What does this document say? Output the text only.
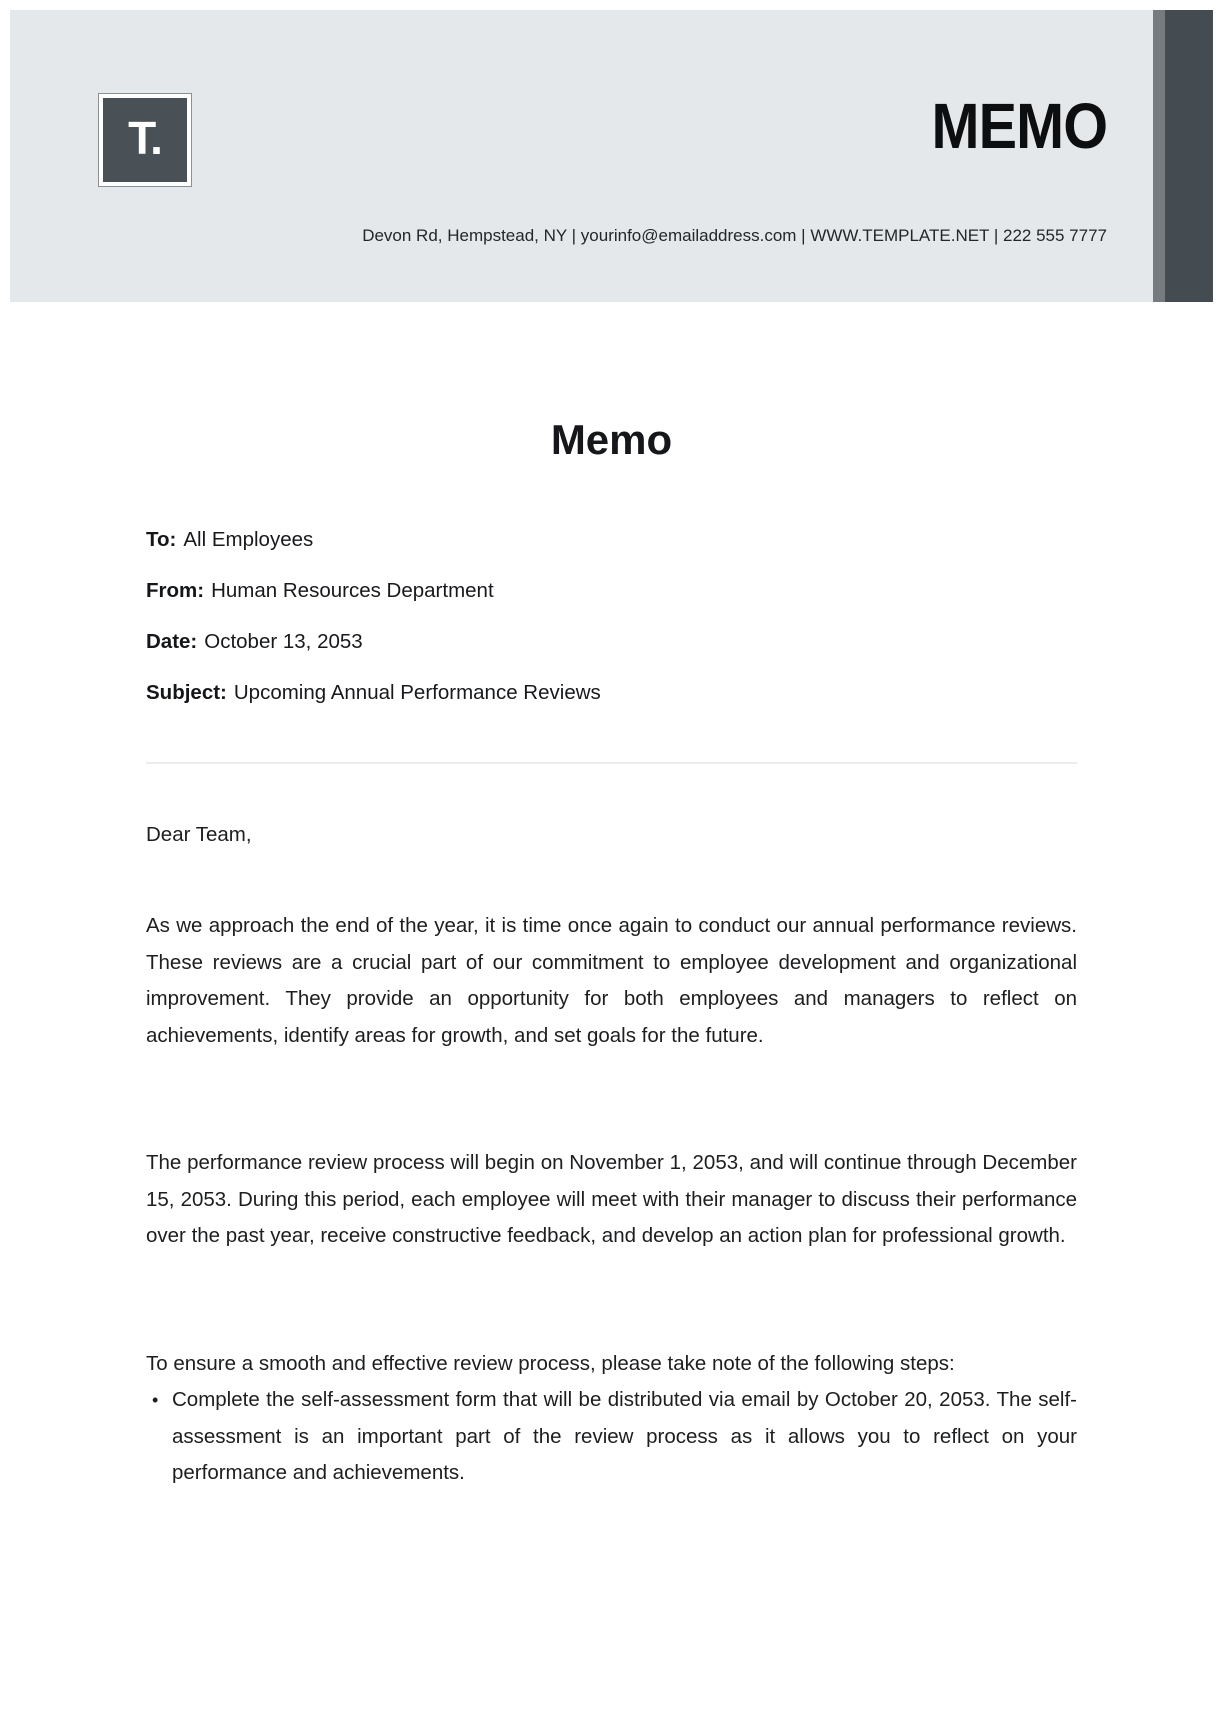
T.	MEMO
Devon Rd, Hempstead, NY | yourinfo@emailaddress.com | WWW.TEMPLATE.NET | 222 555 7777
Memo

To: All Employees

From: Human Resources Department

Date: October 13, 2053

Subject: Upcoming Annual Performance Reviews

Dear Team,

As we approach the end of the year, it is time once again to conduct our annual performance reviews. These reviews are a crucial part of our commitment to employee development and organizational improvement. They provide an opportunity for both employees and managers to reflect on achievements, identify areas for growth, and set goals for the future.

The performance review process will begin on November 1, 2053, and will continue through December 15, 2053. During this period, each employee will meet with their manager to discuss their performance over the past year, receive constructive feedback, and develop an action plan for professional growth.

To ensure a smooth and effective review process, please take note of the following steps:

• Complete the self-assessment form that will be distributed via email by October 20, 2053. The self-assessment is an important part of the review process as it allows you to reflect on your performance and achievements.
